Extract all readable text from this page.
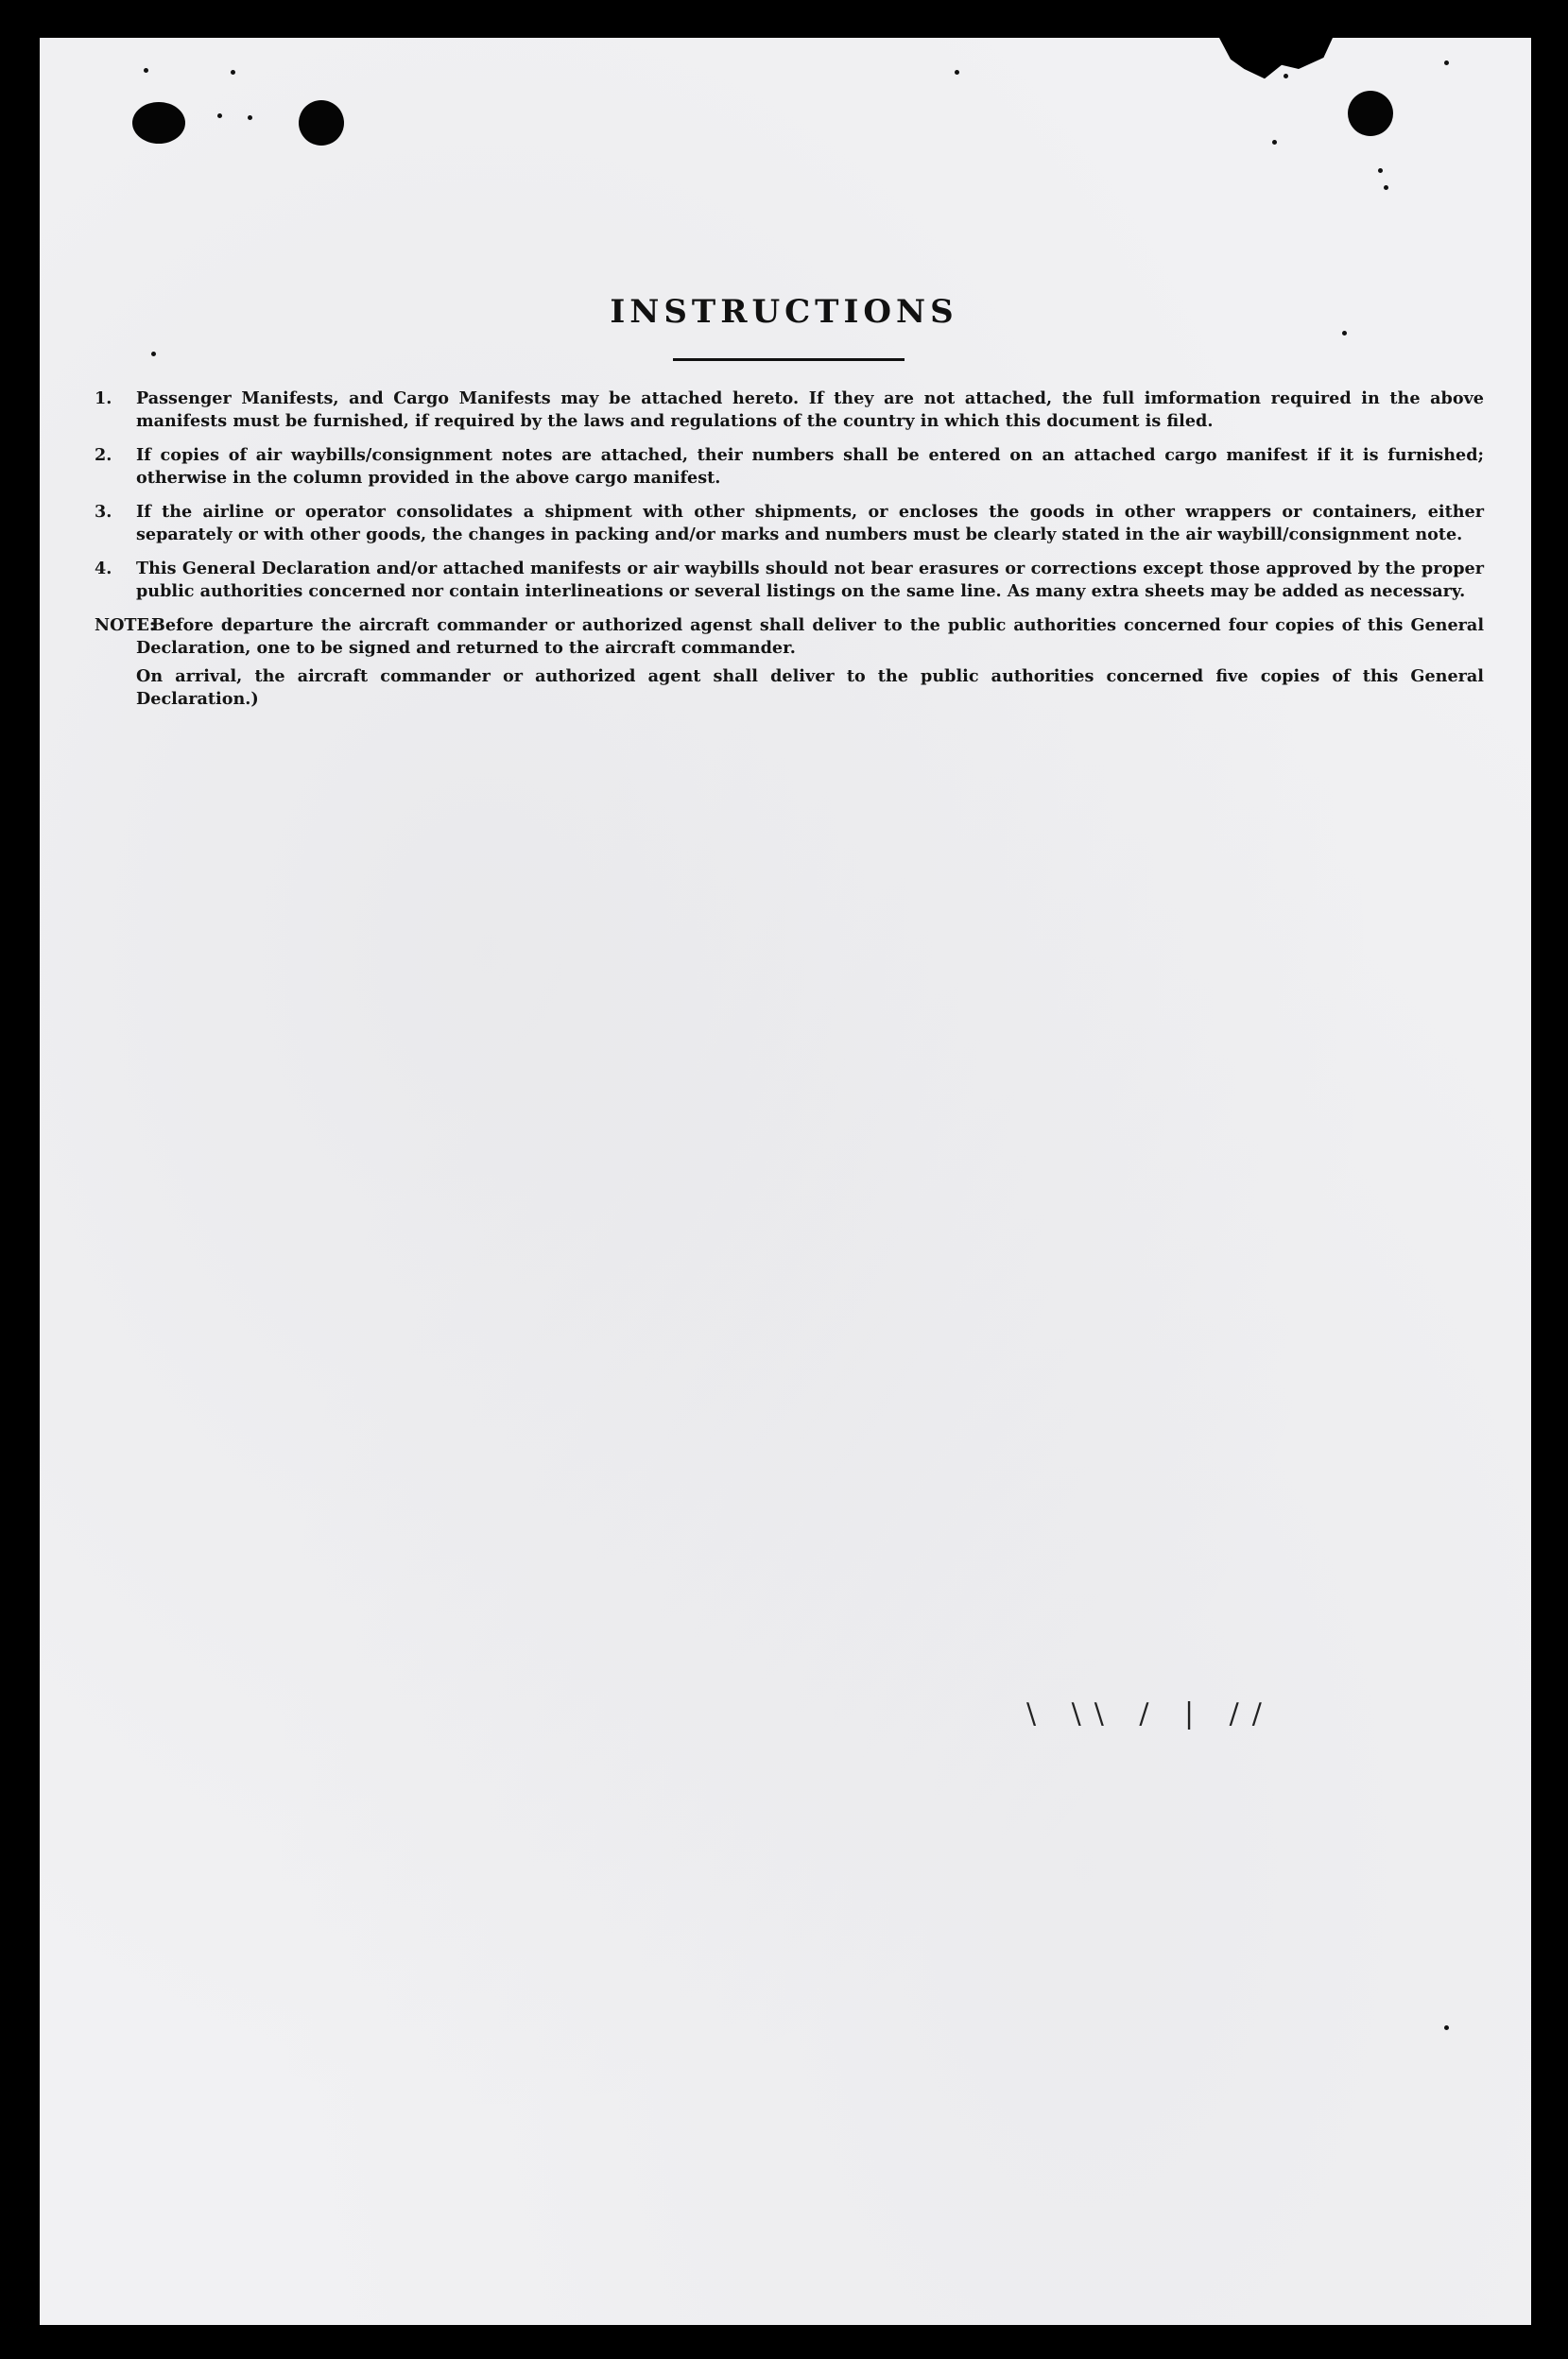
INSTRUCTIONS
1.	Passenger Manifests, and Cargo Manifests may be attached hereto. If they are not attached, the full imformation required in the above manifests must be furnished, if required by the laws and regulations of the country in which this document is filed.
2.	If copies of air waybills/consignment notes are attached, their numbers shall be entered on an attached cargo manifest if it is furnished; otherwise in the column provided in the above cargo manifest.
3.	If the airline or operator consolidates a shipment with other shipments, or encloses the goods in other wrappers or containers, either separately or with other goods, the changes in packing and/or marks and numbers must be clearly stated in the air waybill/consignment note.
4.	This General Declaration and/or attached manifests or air waybills should not bear erasures or corrections except those approved by the proper public authorities concerned nor contain interlineations or several listings on the same line. As many extra sheets may be added as necessary.
NOTE:

Before departure the aircraft commander or authorized agenst shall deliver to the public authorities concerned four copies of this General Declaration, one to be signed and returned to the aircraft commander.

On arrival, the aircraft commander or authorized agent shall deliver to the public authorities concerned five copies of this General Declaration.)

\ \\ / | //
